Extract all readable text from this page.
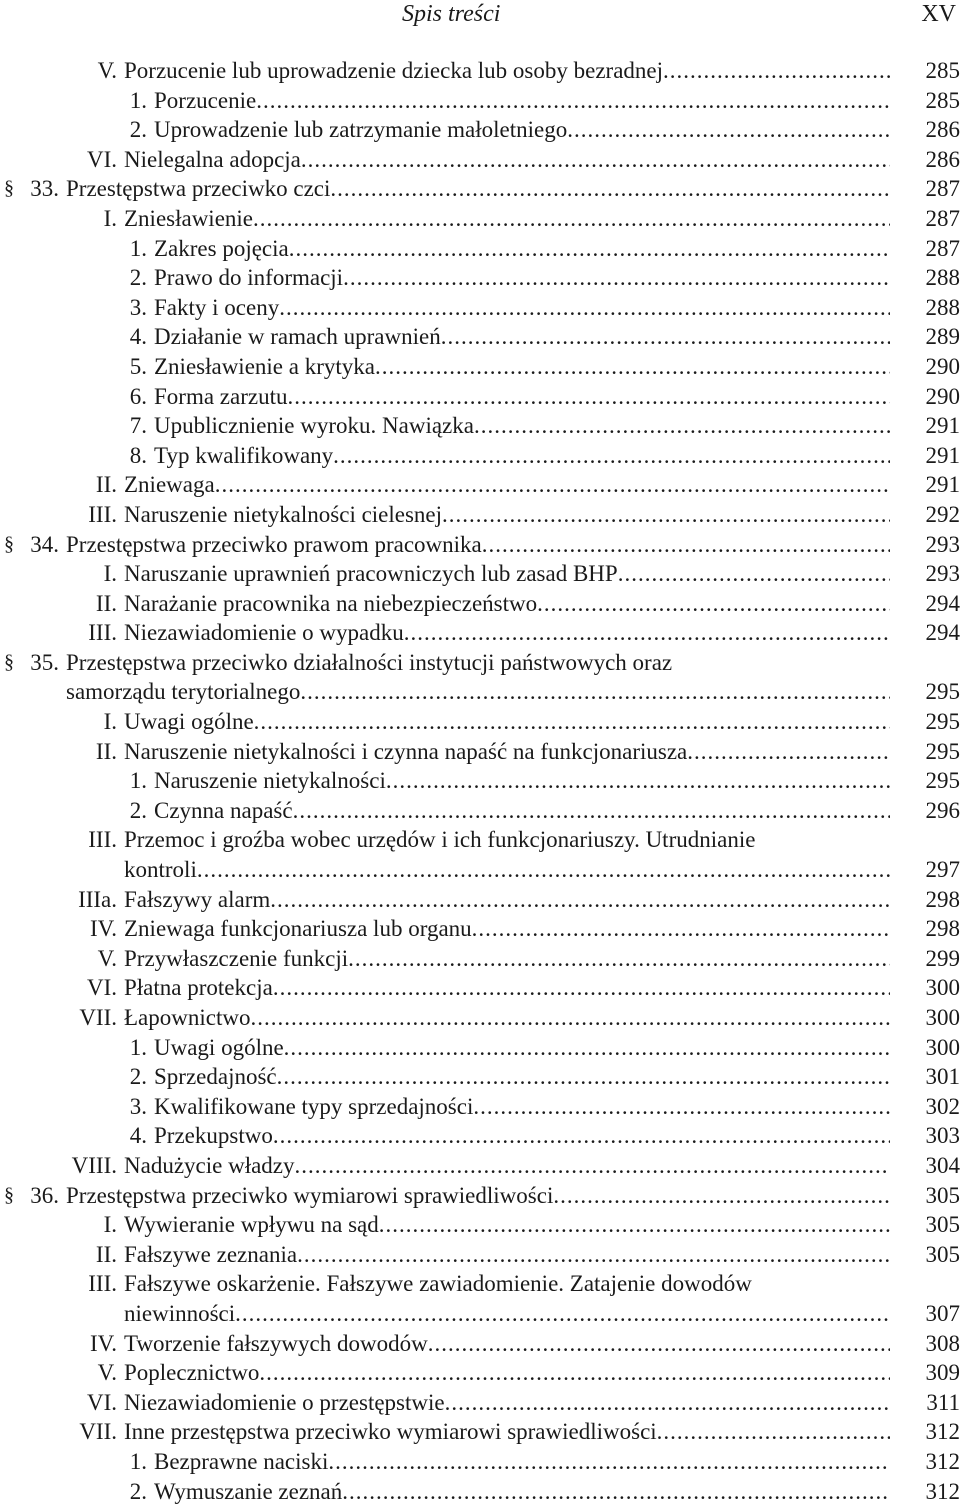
Spis treści	XV
V. Porzucenie lub uprowadzenie dziecka lub osoby bezradnej .....	285
1. Porzucenie .....	285
2. Uprowadzenie lub zatrzymanie małoletniego .....	286
VI. Nielegalna adopcja .....	286
§ 33. Przestępstwa przeciwko czci .....	287
I. Zniesławienie .....	287
1. Zakres pojęcia .....	287
2. Prawo do informacji .....	288
3. Fakty i oceny .....	288
4. Działanie w ramach uprawnień .....	289
5. Zniesławienie a krytyka .....	290
6. Forma zarzutu .....	290
7. Upublicznienie wyroku. Nawiązka .....	291
8. Typ kwalifikowany .....	291
II. Zniewaga .....	291
III. Naruszenie nietykalności cielesnej .....	292
§ 34. Przestępstwa przeciwko prawom pracownika .....	293
I. Naruszanie uprawnień pracowniczych lub zasad BHP .....	293
II. Narażanie pracownika na niebezpieczeństwo .....	294
III. Niezawiadomienie o wypadku .....	294
§ 35. Przestępstwa przeciwko działalności instytucji państwowych oraz
samorządu terytorialnego .....	295
I. Uwagi ogólne .....	295
II. Naruszenie nietykalności i czynna napaść na funkcjonariusza .....	295
1. Naruszenie nietykalności .....	295
2. Czynna napaść .....	296
III. Przemoc i groźba wobec urzędów i ich funkcjonariuszy. Utrudnianie
kontroli .....	297
IIIa. Fałszywy alarm .....	298
IV. Zniewaga funkcjonariusza lub organu .....	298
V. Przywłaszczenie funkcji .....	299
VI. Płatna protekcja .....	300
VII. Łapownictwo .....	300
1. Uwagi ogólne .....	300
2. Sprzedajność .....	301
3. Kwalifikowane typy sprzedajności .....	302
4. Przekupstwo .....	303
VIII. Nadużycie władzy .....	304
§ 36. Przestępstwa przeciwko wymiarowi sprawiedliwości .....	305
I. Wywieranie wpływu na sąd .....	305
II. Fałszywe zeznania .....	305
III. Fałszywe oskarżenie. Fałszywe zawiadomienie. Zatajenie dowodów
niewinności .....	307
IV. Tworzenie fałszywych dowodów .....	308
V. Poplecznictwo .....	309
VI. Niezawiadomienie o przestępstwie .....	311
VII. Inne przestępstwa przeciwko wymiarowi sprawiedliwości .....	312
1. Bezprawne naciski .....	312
2. Wymuszanie zeznań .....	312
